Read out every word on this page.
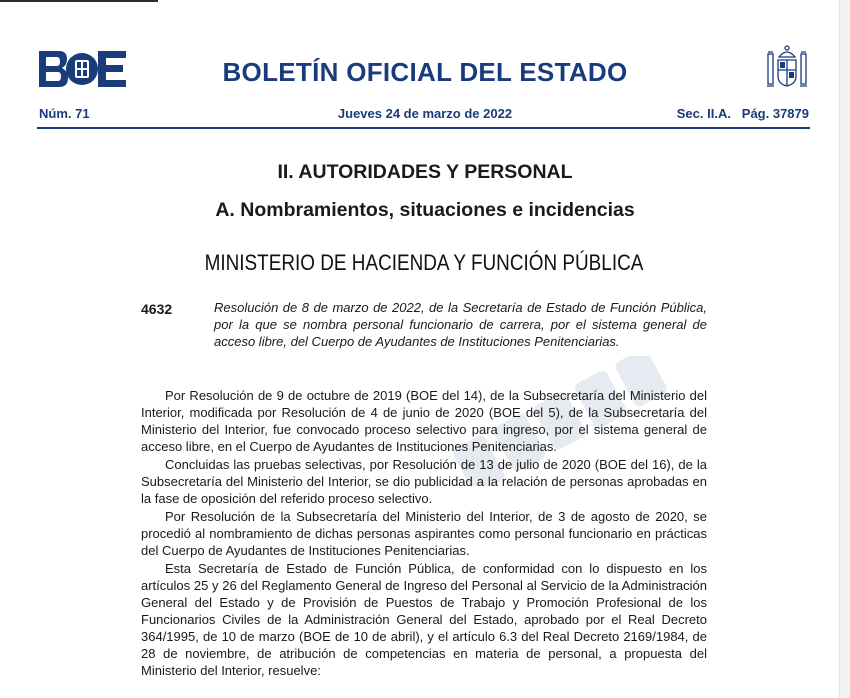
BOLETÍN OFICIAL DEL ESTADO
Núm. 71	Jueves 24 de marzo de 2022	Sec. II.A.   Pág. 37879
II. AUTORIDADES Y PERSONAL
A. Nombramientos, situaciones e incidencias
MINISTERIO DE HACIENDA Y FUNCIÓN PÚBLICA
4632	Resolución de 8 de marzo de 2022, de la Secretaría de Estado de Función Pública, por la que se nombra personal funcionario de carrera, por el sistema general de acceso libre, del Cuerpo de Ayudantes de Instituciones Penitenciarias.

Por Resolución de 9 de octubre de 2019 (BOE del 14), de la Subsecretaría del Ministerio del Interior, modificada por Resolución de 4 de junio de 2020 (BOE del 5), de la Subsecretaría del Ministerio del Interior, fue convocado proceso selectivo para ingreso, por el sistema general de acceso libre, en el Cuerpo de Ayudantes de Instituciones Penitenciarias.

Concluidas las pruebas selectivas, por Resolución de 13 de julio de 2020 (BOE del 16), de la Subsecretaría del Ministerio del Interior, se dio publicidad a la relación de personas aprobadas en la fase de oposición del referido proceso selectivo.

Por Resolución de la Subsecretaría del Ministerio del Interior, de 3 de agosto de 2020, se procedió al nombramiento de dichas personas aspirantes como personal funcionario en prácticas del Cuerpo de Ayudantes de Instituciones Penitenciarias.

Esta Secretaría de Estado de Función Pública, de conformidad con lo dispuesto en los artículos 25 y 26 del Reglamento General de Ingreso del Personal al Servicio de la Administración General del Estado y de Provisión de Puestos de Trabajo y Promoción Profesional de los Funcionarios Civiles de la Administración General del Estado, aprobado por el Real Decreto 364/1995, de 10 de marzo (BOE de 10 de abril), y el artículo 6.3 del Real Decreto 2169/1984, de 28 de noviembre, de atribución de competencias en materia de personal, a propuesta del Ministerio del Interior, resuelve:
